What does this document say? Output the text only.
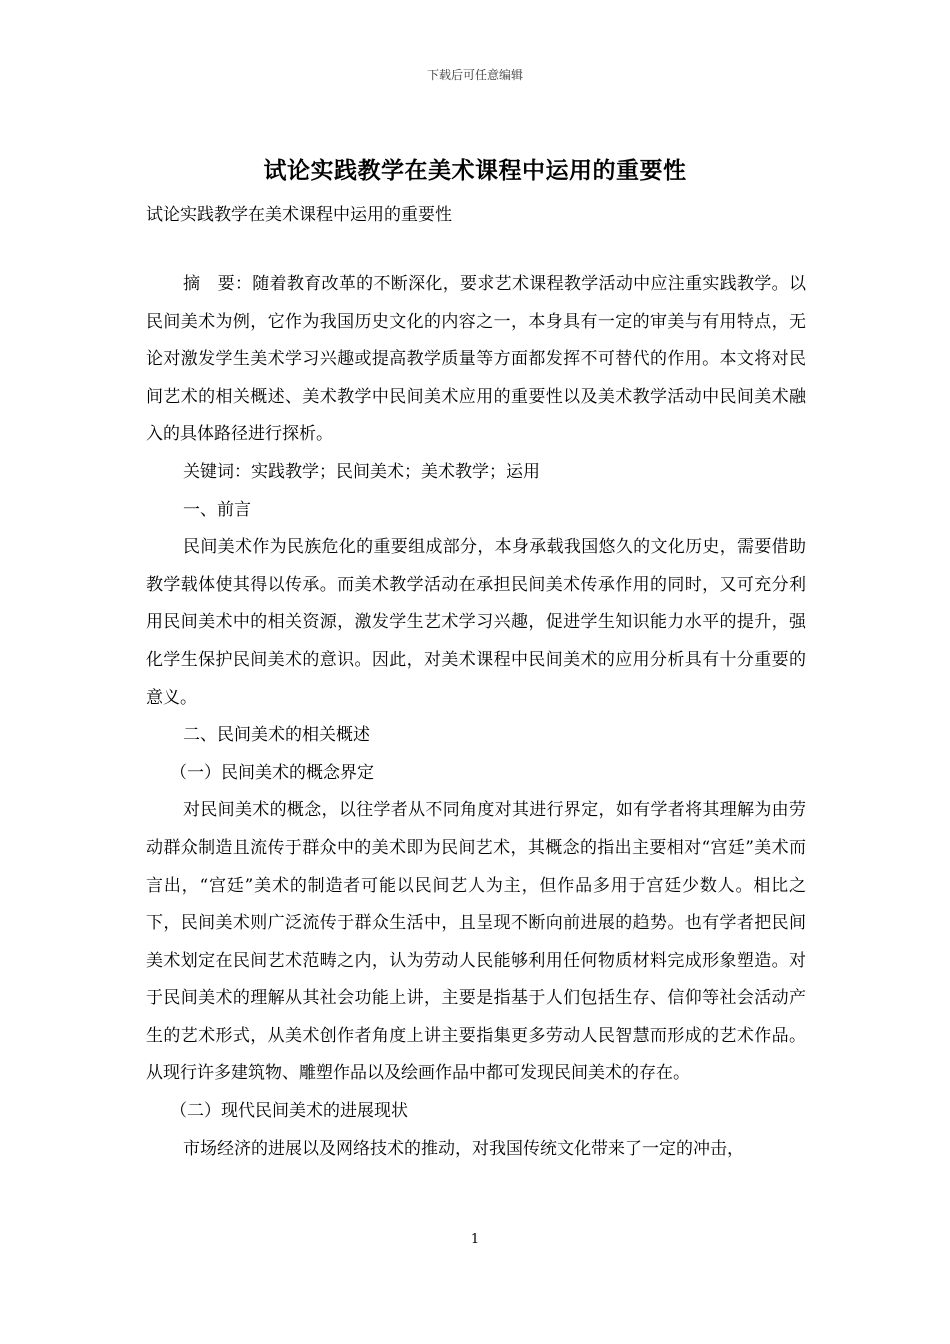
下载后可任意编辑
试论实践教学在美术课程中运用的重要性
试论实践教学在美术课程中运用的重要性

摘　要：随着教育改革的不断深化，要求艺术课程教学活动中应注重实践教学。以民间美术为例，它作为我国历史文化的内容之一，本身具有一定的审美与有用特点，无论对激发学生美术学习兴趣或提高教学质量等方面都发挥不可替代的作用。本文将对民间艺术的相关概述、美术教学中民间美术应用的重要性以及美术教学活动中民间美术融入的具体路径进行探析。

关键词：实践教学；民间美术；美术教学；运用

一、前言

民间美术作为民族危化的重要组成部分，本身承载我国悠久的文化历史，需要借助教学载体使其得以传承。而美术教学活动在承担民间美术传承作用的同时，又可充分利用民间美术中的相关资源，激发学生艺术学习兴趣，促进学生知识能力水平的提升，强化学生保护民间美术的意识。因此，对美术课程中民间美术的应用分析具有十分重要的意义。

二、民间美术的相关概述

（一）民间美术的概念界定

对民间美术的概念，以往学者从不同角度对其进行界定，如有学者将其理解为由劳动群众制造且流传于群众中的美术即为民间艺术，其概念的指出主要相对“宫廷”美术而言出，“宫廷”美术的制造者可能以民间艺人为主，但作品多用于宫廷少数人。相比之下，民间美术则广泛流传于群众生活中，且呈现不断向前进展的趋势。也有学者把民间美术划定在民间艺术范畴之内，认为劳动人民能够利用任何物质材料完成形象塑造。对于民间美术的理解从其社会功能上讲，主要是指基于人们包括生存、信仰等社会活动产生的艺术形式，从美术创作者角度上讲主要指集更多劳动人民智慧而形成的艺术作品。从现行许多建筑物、雕塑作品以及绘画作品中都可发现民间美术的存在。

（二）现代民间美术的进展现状

市场经济的进展以及网络技术的推动，对我国传统文化带来了一定的冲击，

1
